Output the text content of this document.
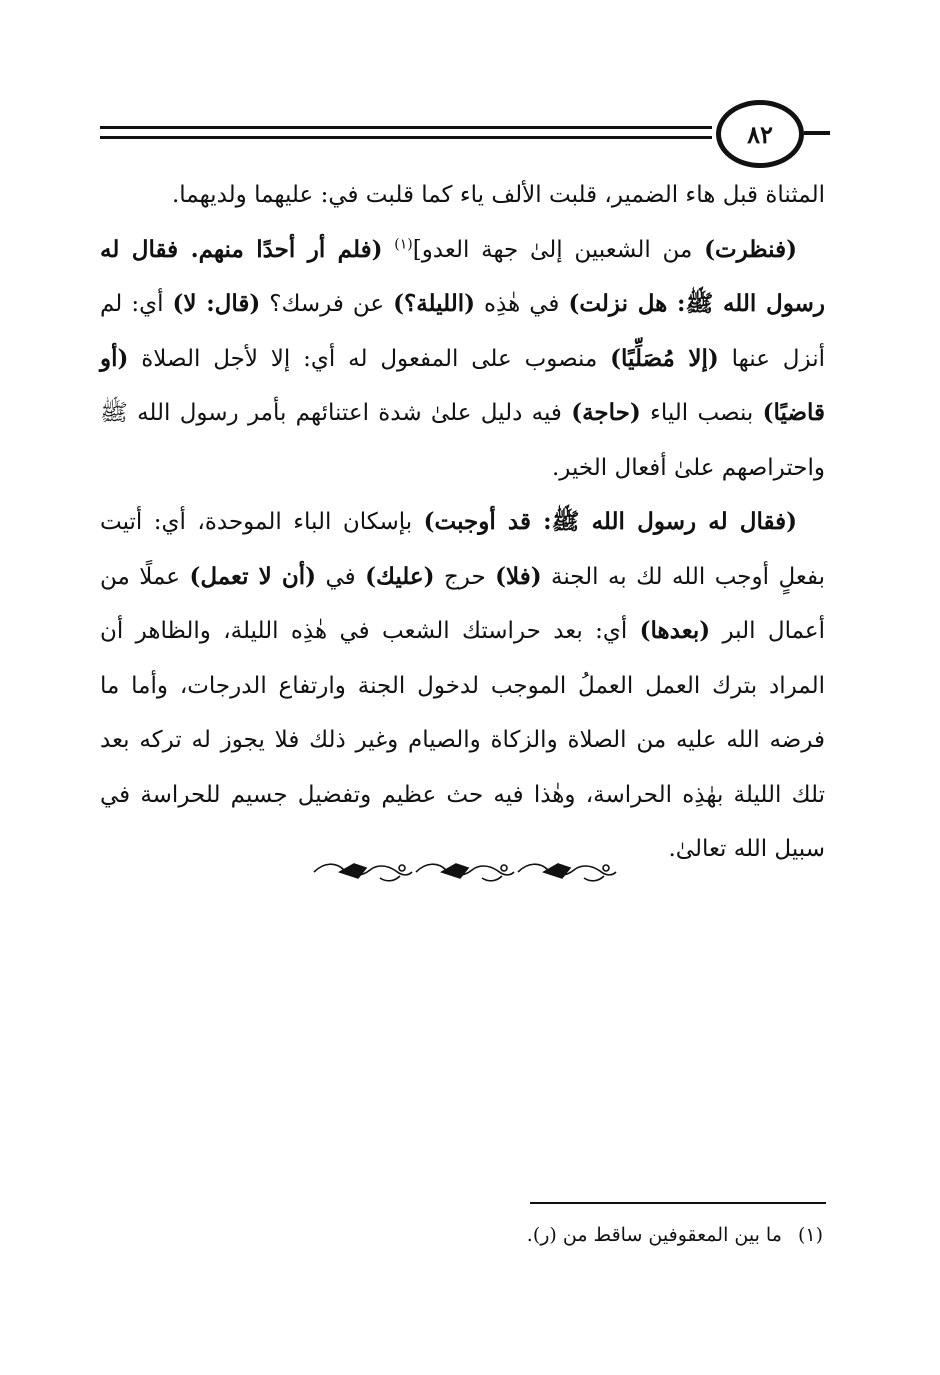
٨٢

المثناة قبل هاء الضمير، قلبت الألف ياء كما قلبت في: عليهما ولديهما.

(فنظرت) من الشعبين إلىٰ جهة العدو]$^{(١)}$ (فلم أر أحدًا منهم. فقال له رسول الله ﷺ: هل نزلت) في هٰذِه (الليلة؟) عن فرسك؟ (قال: لا) أي: لم أنزل عنها (إلا مُصَلِّيًا) منصوب على المفعول له أي: إلا لأجل الصلاة (أو قاضيًا) بنصب الياء (حاجة) فيه دليل علىٰ شدة اعتنائهم بأمر رسول الله ﷺ واحتراصهم علىٰ أفعال الخير.

(فقال له رسول الله ﷺ: قد أوجبت) بإسكان الباء الموحدة، أي: أتيت بفعلٍ أوجب الله لك به الجنة (فلا) حرج (عليك) في (أن لا تعمل) عملًا من أعمال البر (بعدها) أي: بعد حراستك الشعب في هٰذِه الليلة، والظاهر أن المراد بترك العمل العملُ الموجب لدخول الجنة وارتفاع الدرجات، وأما ما فرضه الله عليه من الصلاة والزكاة والصيام وغير ذلك فلا يجوز له تركه بعد تلك الليلة بهٰذِه الحراسة، وهٰذا فيه حث عظيم وتفضيل جسيم للحراسة في سبيل الله تعالىٰ.

(١) ما بين المعقوفين ساقط من (ر).
